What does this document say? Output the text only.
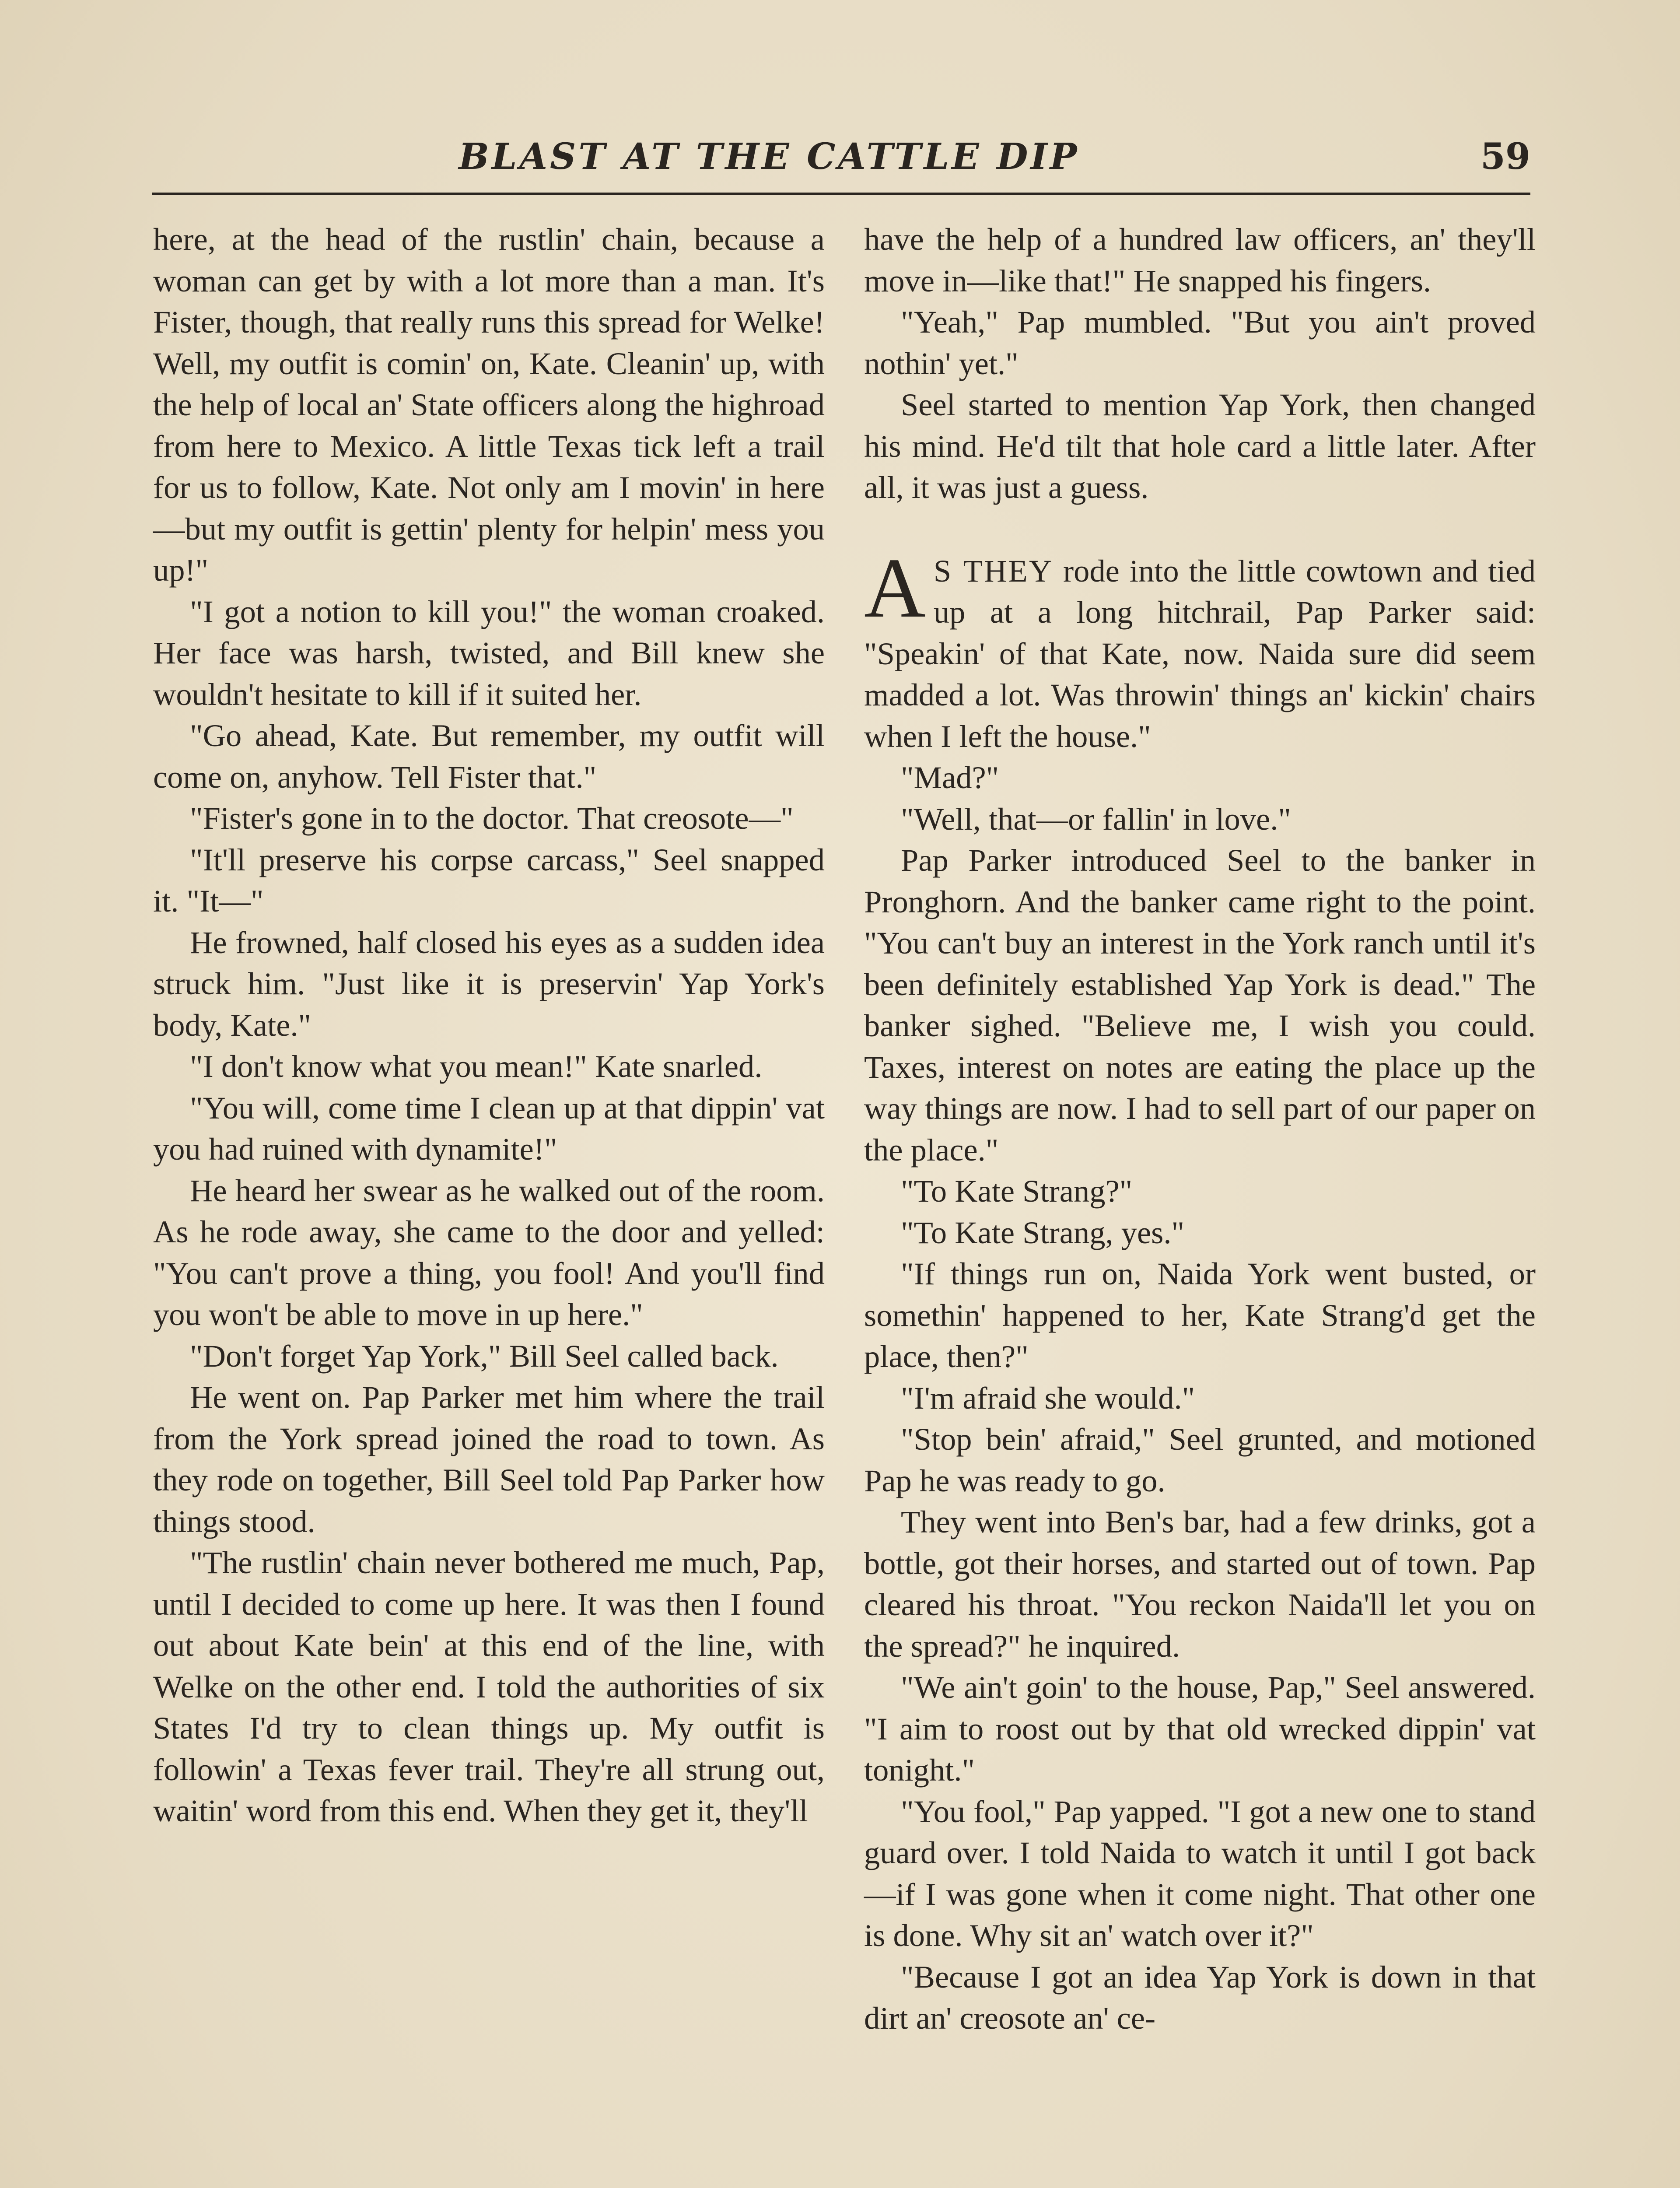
BLAST AT THE CATTLE DIP	59

here, at the head of the rustlin' chain, because a woman can get by with a lot more than a man. It's Fister, though, that really runs this spread for Welke! Well, my outfit is comin' on, Kate. Cleanin' up, with the help of local an' State officers along the highroad from here to Mexico. A little Texas tick left a trail for us to follow, Kate. Not only am I movin' in here—but my outfit is gettin' plenty for helpin' mess you up!"

"I got a notion to kill you!" the woman croaked. Her face was harsh, twisted, and Bill knew she wouldn't hesitate to kill if it suited her.

"Go ahead, Kate. But remember, my outfit will come on, anyhow. Tell Fister that."

"Fister's gone in to the doctor. That creosote—"

"It'll preserve his corpse carcass," Seel snapped it. "It—"

He frowned, half closed his eyes as a sudden idea struck him. "Just like it is preservin' Yap York's body, Kate."

"I don't know what you mean!" Kate snarled.

"You will, come time I clean up at that dippin' vat you had ruined with dynamite!"

He heard her swear as he walked out of the room. As he rode away, she came to the door and yelled: "You can't prove a thing, you fool! And you'll find you won't be able to move in up here."

"Don't forget Yap York," Bill Seel called back.

He went on. Pap Parker met him where the trail from the York spread joined the road to town. As they rode on together, Bill Seel told Pap Parker how things stood.

"The rustlin' chain never bothered me much, Pap, until I decided to come up here. It was then I found out about Kate bein' at this end of the line, with Welke on the other end. I told the authorities of six States I'd try to clean things up. My outfit is followin' a Texas fever trail. They're all strung out, waitin' word from this end. When they get it, they'll

have the help of a hundred law officers, an' they'll move in—like that!" He snapped his fingers.

"Yeah," Pap mumbled. "But you ain't proved nothin' yet."

Seel started to mention Yap York, then changed his mind. He'd tilt that hole card a little later. After all, it was just a guess.

A S THEY rode into the little cowtown and tied up at a long hitchrail, Pap Parker said: "Speakin' of that Kate, now. Naida sure did seem madded a lot. Was throwin' things an' kickin' chairs when I left the house."

"Mad?"

"Well, that—or fallin' in love."

Pap Parker introduced Seel to the banker in Pronghorn. And the banker came right to the point. "You can't buy an interest in the York ranch until it's been definitely established Yap York is dead." The banker sighed. "Believe me, I wish you could. Taxes, interest on notes are eating the place up the way things are now. I had to sell part of our paper on the place."

"To Kate Strang?"

"To Kate Strang, yes."

"If things run on, Naida York went busted, or somethin' happened to her, Kate Strang'd get the place, then?"

"I'm afraid she would."

"Stop bein' afraid," Seel grunted, and motioned Pap he was ready to go.

They went into Ben's bar, had a few drinks, got a bottle, got their horses, and started out of town. Pap cleared his throat. "You reckon Naida'll let you on the spread?" he inquired.

"We ain't goin' to the house, Pap," Seel answered. "I aim to roost out by that old wrecked dippin' vat tonight."

"You fool," Pap yapped. "I got a new one to stand guard over. I told Naida to watch it until I got back—if I was gone when it come night. That other one is done. Why sit an' watch over it?"

"Because I got an idea Yap York is down in that dirt an' creosote an' ce-
